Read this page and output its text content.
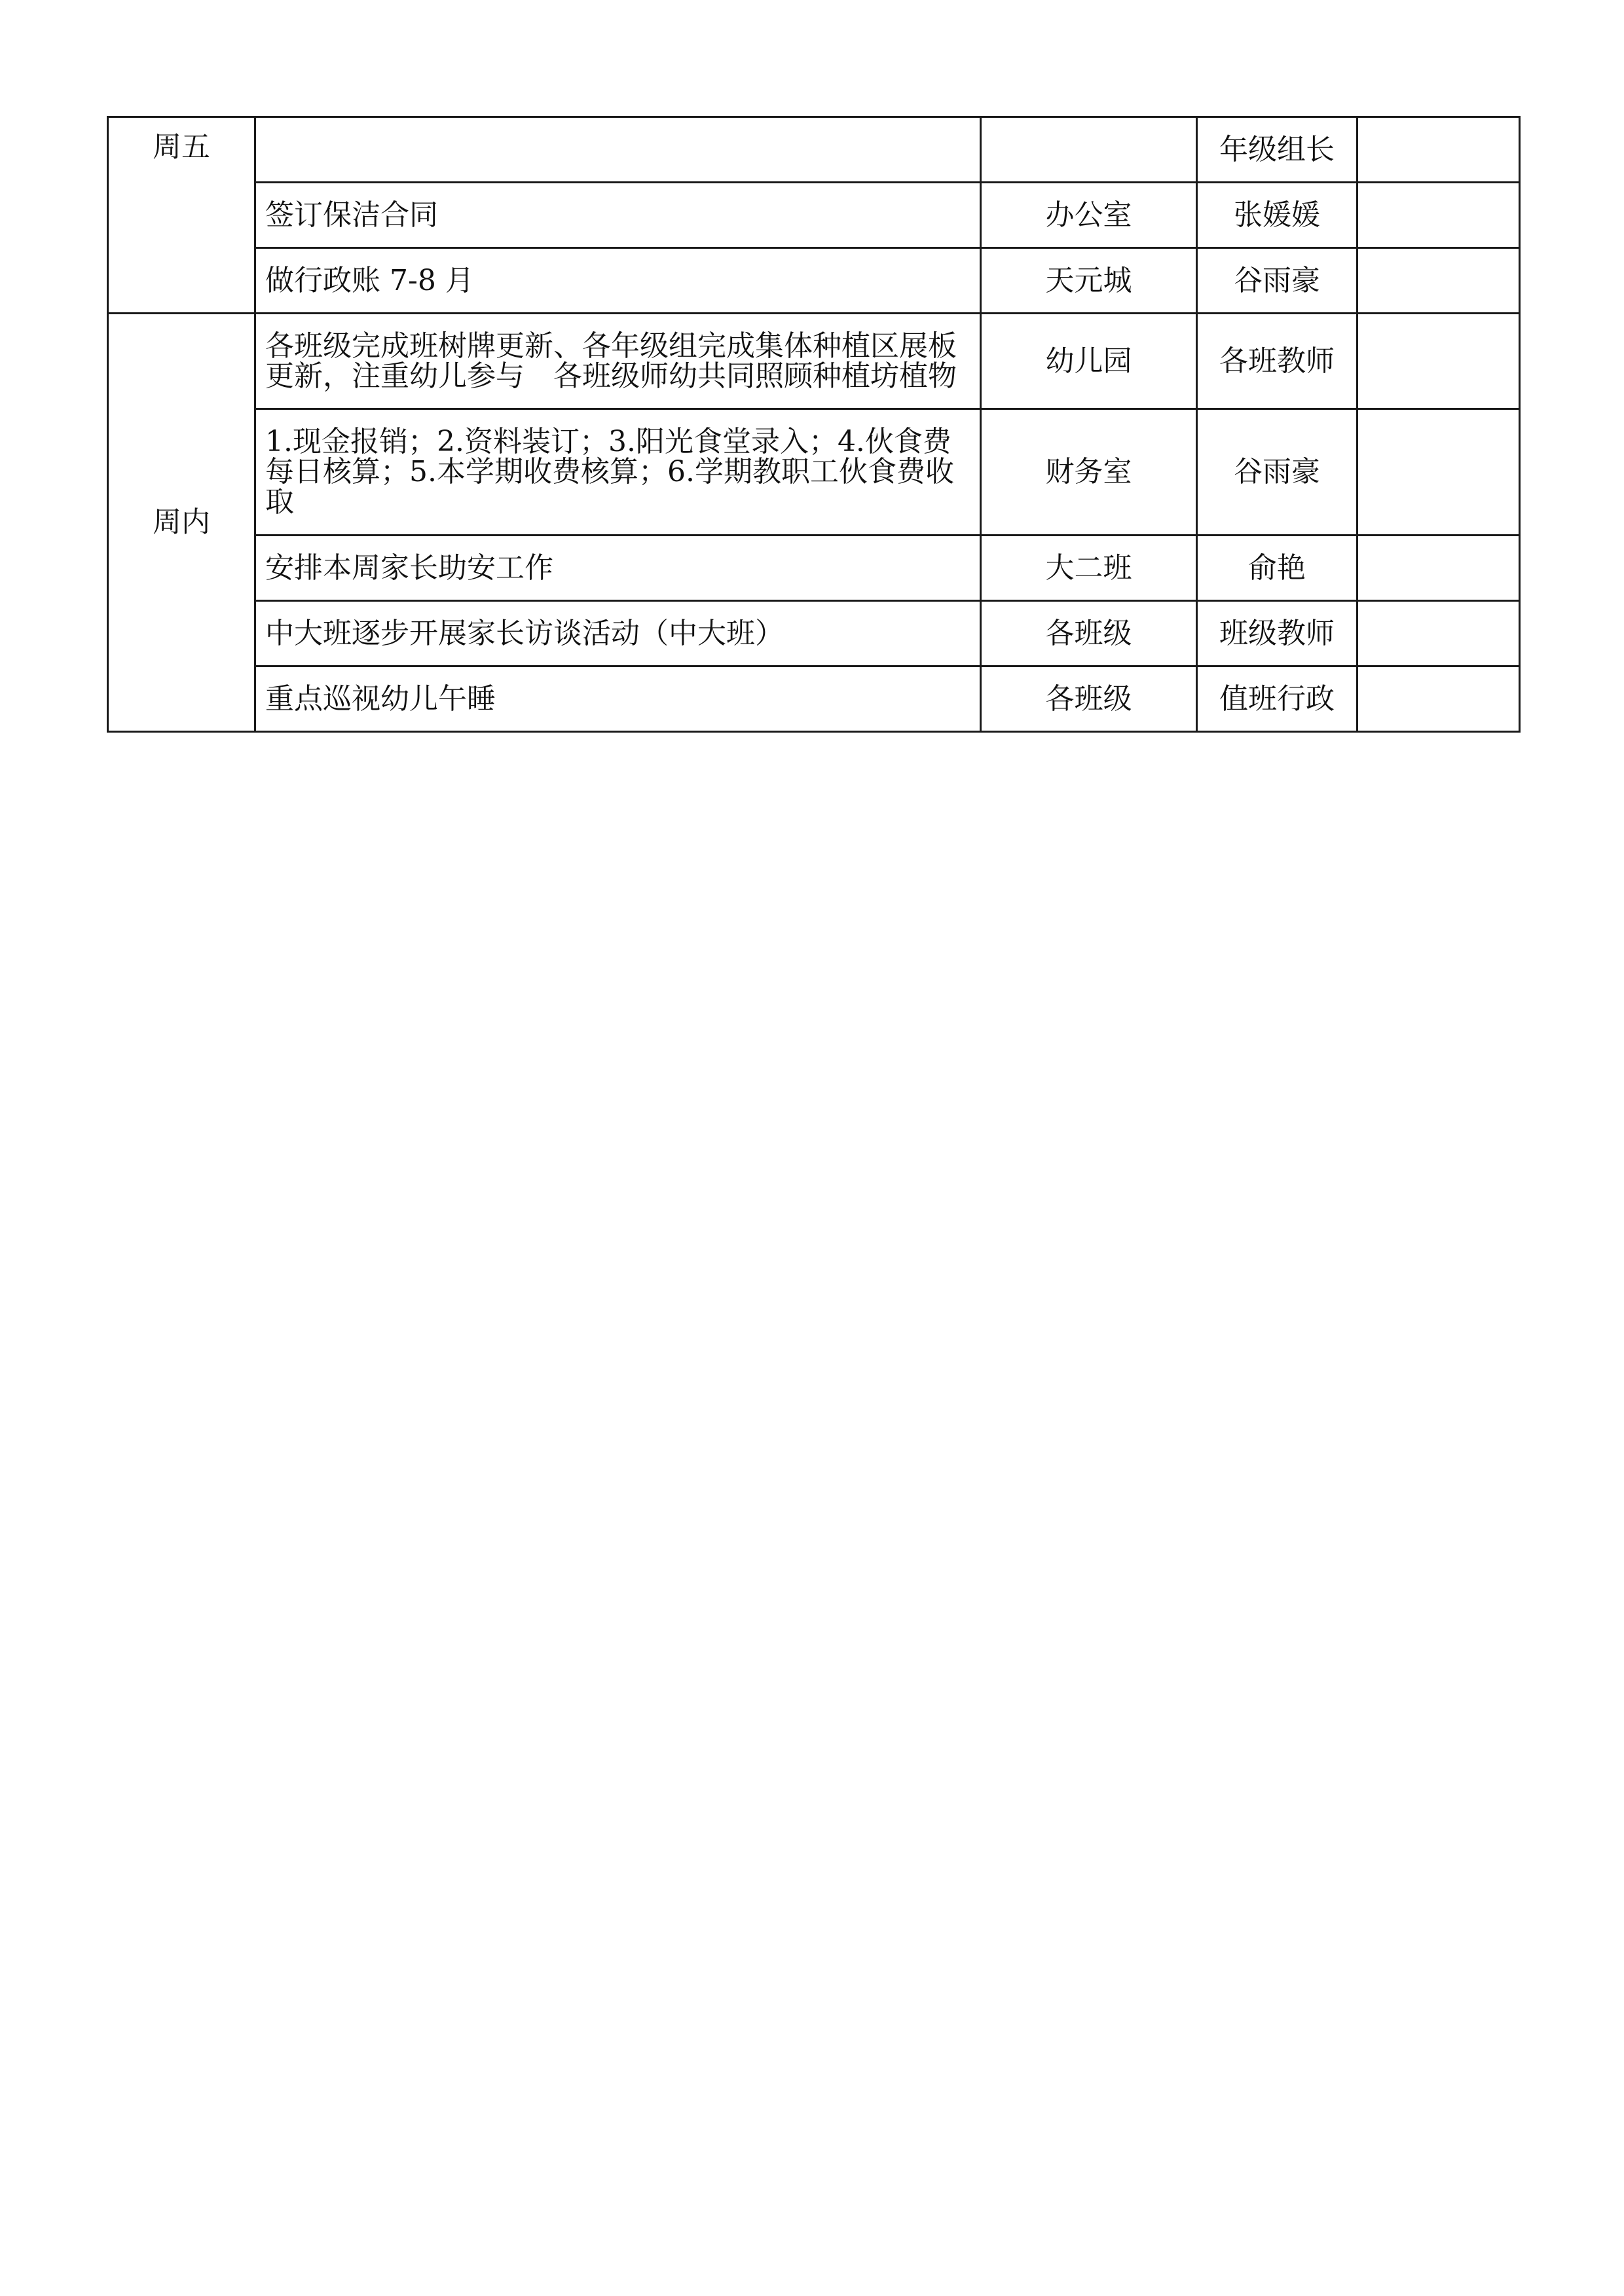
周五			年级组长	
	签订保洁合同	办公室	张媛媛	
	做行政账 7-8 月	天元城	谷雨豪	
周内	各班级完成班树牌更新、各年级组完成集体种植区展板更新，注重幼儿参与　各班级师幼共同照顾种植坊植物	幼儿园	各班教师	
	1.现金报销；2.资料装订；3.阳光食堂录入；4.伙食费每日核算；5.本学期收费核算；6.学期教职工伙食费收取	财务室	谷雨豪	
	安排本周家长助安工作	大二班	俞艳	
	中大班逐步开展家长访谈活动（中大班）	各班级	班级教师	
	重点巡视幼儿午睡	各班级	值班行政	
